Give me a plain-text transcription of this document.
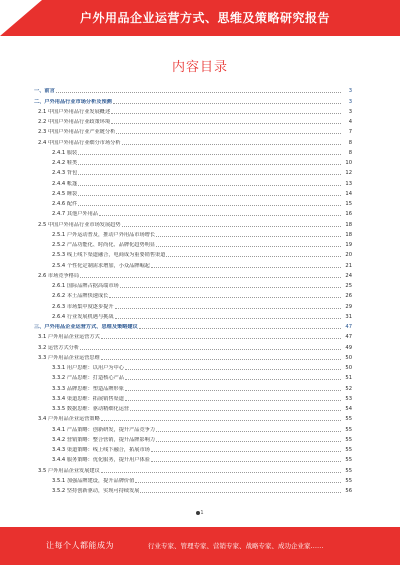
户外用品企业运营方式、思维及策略研究报告
内容目录
一、前言	3
二、户外用品行业市场分析及预测	3
2.1 中国户外用品行业发展概述	3
2.2 中国户外用品行业政策环境	4
2.3 中国户外用品行业产业链分析	7
2.4 中国户外用品行业细分市场分析	8
2.4.1 服装	8
2.4.2 鞋类	10
2.4.3 背包	12
2.4.4 帐篷	13
2.4.5 睡袋	14
2.4.6 配件	15
2.4.7 其他户外用品	16
2.5 中国户外用品行业市场发展趋势	18
2.5.1 户外运动普及，推动户外用品市场增长	18
2.5.2 产品功能化、时尚化、品牌化趋势明显	19
2.5.3 线上线下渠道融合，电商成为重要销售渠道	20
2.5.4 个性化定制需求增加，小众品牌崛起	21
2.6 市场竞争格局	24
2.6.1 国际品牌占据高端市场	25
2.6.2 本土品牌快速成长	26
2.6.3 市场集中度逐步提升	29
2.6.4 行业发展机遇与挑战	31
三、户外用品企业运营方式、思维及策略建议	47
3.1 户外用品企业运营方式	47
3.2 运营方式分析	49
3.3 户外用品企业运营思维	50
3.3.1 用户思维：以用户为中心	50
3.3.2 产品思维：打造核心产品	51
3.3.3 品牌思维：塑造品牌形象	52
3.3.4 渠道思维：拓展销售渠道	53
3.3.5 数据思维：驱动精细化运营	54
3.4 户外用品企业运营策略	55
3.4.1 产品策略：创新研发，提升产品竞争力	55
3.4.2 营销策略：整合营销，提升品牌影响力	55
3.4.3 渠道策略：线上线下融合，拓展市场	55
3.4.4 服务策略：优化服务，提升用户体验	55
3.5 户外用品企业发展建议	55
3.5.1 加强品牌建设，提升品牌价值	55
3.5.2 坚持创新驱动，实现可持续发展	56
1
让每个人都能成为	行业专家、管理专家、营销专家、战略专家、成功企业家……
